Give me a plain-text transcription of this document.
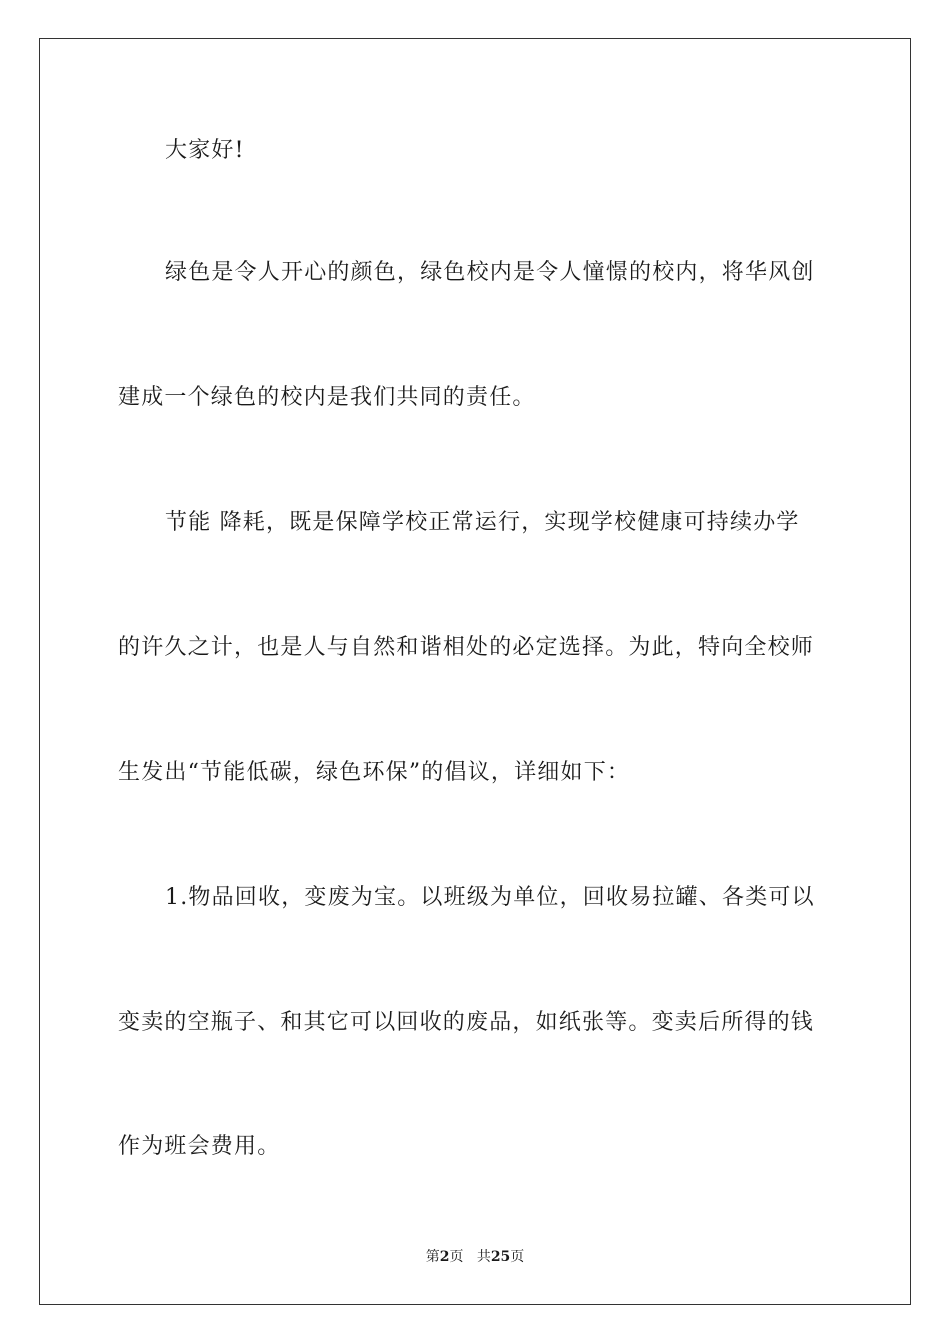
大家好!
绿色是令人开心的颜色，绿色校内是令人憧憬的校内，将华风创
建成一个绿色的校内是我们共同的责任。
节能 降耗，既是保障学校正常运行，实现学校健康可持续办学
的许久之计，也是人与自然和谐相处的必定选择。为此，特向全校师
生发出“节能低碳，绿色环保”的倡议，详细如下：
1.物品回收，变废为宝。以班级为单位，回收易拉罐、各类可以
变卖的空瓶子、和其它可以回收的废品，如纸张等。变卖后所得的钱
作为班会费用。
第2页 共25页
